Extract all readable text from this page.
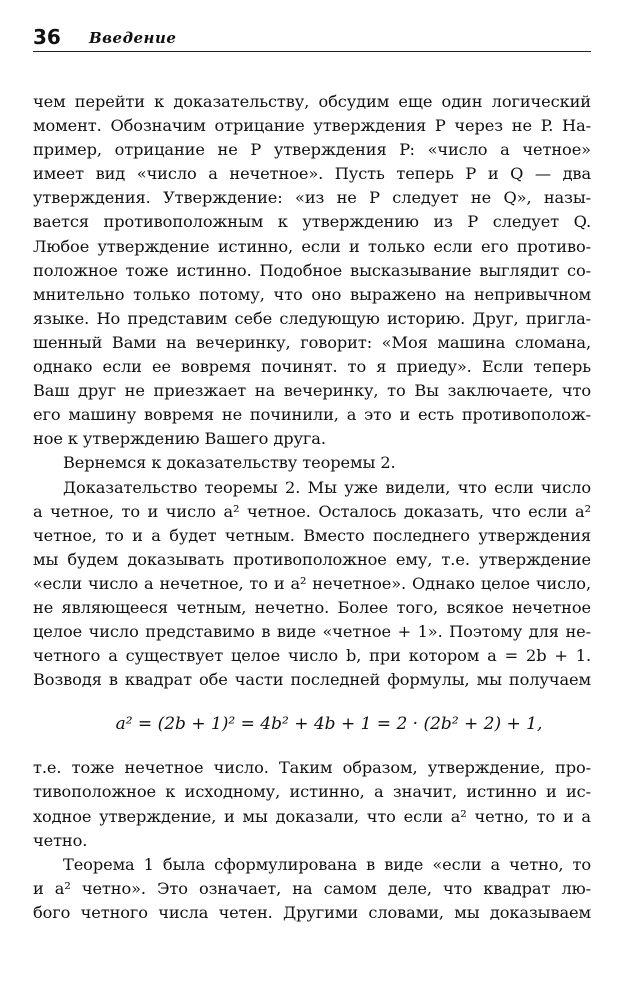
36 Введение
чем перейти к доказательству, обсудим еще один логический
момент. Обозначим отрицание утверждения P через не P. На-
пример, отрицание не P утверждения P: «число а четное»
имеет вид «число а нечетное». Пусть теперь P и Q — два
утверждения. Утверждение: «из не P следует не Q», назы-
вается противоположным к утверждению из P следует Q.
Любое утверждение истинно, если и только если его противо-
положное тоже истинно. Подобное высказывание выглядит со-
мнительно только потому, что оно выражено на непривычном
языке. Но представим себе следующую историю. Друг, пригла-
шенный Вами на вечеринку, говорит: «Моя машина сломана,
однако если ее вовремя починят. то я приеду». Если теперь
Ваш друг не приезжает на вечеринку, то Вы заключаете, что
его машину вовремя не починили, а это и есть противополож-
ное к утверждению Вашего друга.
Вернемся к доказательству теоремы 2.
Доказательство теоремы 2. Мы уже видели, что если число
а четное, то и число a² четное. Осталось доказать, что если a²
четное, то и a будет четным. Вместо последнего утверждения
мы будем доказывать противоположное ему, т.е. утверждение
«если число a нечетное, то и a² нечетное». Однако целое число,
не являющееся четным, нечетно. Более того, всякое нечетное
целое число представимо в виде «четное + 1». Поэтому для не-
четного a существует целое число b, при котором a = 2b + 1.
Возводя в квадрат обе части последней формулы, мы получаем
a² = (2b + 1)² = 4b² + 4b + 1 = 2 · (2b² + 2) + 1,
т.е. тоже нечетное число. Таким образом, утверждение, про-
тивоположное к исходному, истинно, а значит, истинно и ис-
ходное утверждение, и мы доказали, что если a² четно, то и a
четно.
Теорема 1 была сформулирована в виде «если a четно, то
и a² четно». Это означает, на самом деле, что квадрат лю-
бого четного числа четен. Другими словами, мы доказываем
